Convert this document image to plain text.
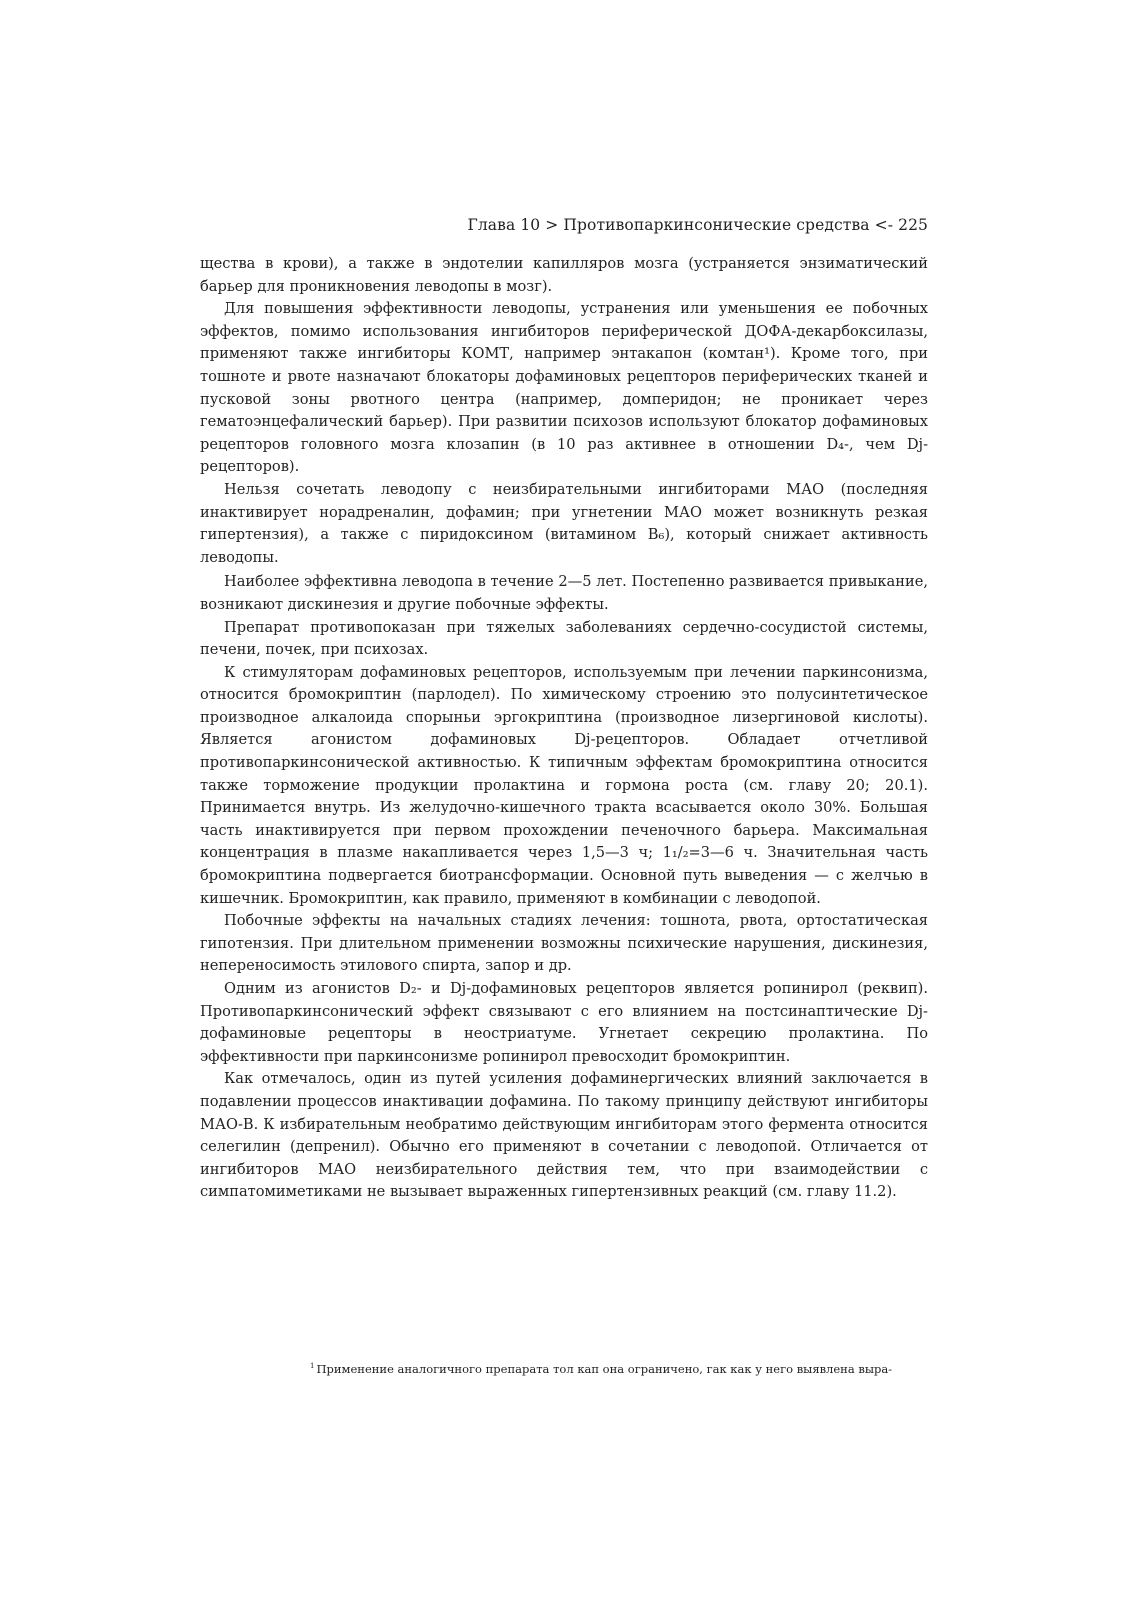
Глава 10 > Противопаркинсонические средства <- 225

щества в крови), а также в эндотелии капилляров мозга (устраняется энзиматический барьер для проникновения леводопы в мозг).

Для повышения эффективности леводопы, устранения или уменьшения ее побочных эффектов, помимо использования ингибиторов периферической ДОФА-декарбоксилазы, применяют также ингибиторы КОМТ, например энтакапон (комтан¹). Кроме того, при тошноте и рвоте назначают блокаторы дофаминовых рецепторов периферических тканей и пусковой зоны рвотного центра (например, домперидон; не проникает через гематоэнцефалический барьер). При развитии психозов используют блокатор дофаминовых рецепторов головного мозга клозапин (в 10 раз активнее в отношении D₄-, чем Dj-рецепторов).

Нельзя сочетать леводопу с неизбирательными ингибиторами МАО (последняя инактивирует норадреналин, дофамин; при угнетении МАО может возникнуть резкая гипертензия), а также с пиридоксином (витамином B₆), который снижает активность леводопы.

Наиболее эффективна леводопа в течение 2—5 лет. Постепенно развивается привыкание, возникают дискинезия и другие побочные эффекты.

Препарат противопоказан при тяжелых заболеваниях сердечно-сосудистой системы, печени, почек, при психозах.

К стимуляторам дофаминовых рецепторов, используемым при лечении паркинсонизма, относится бромокриптин (парлодел). По химическому строению это полусинтетическое производное алкалоида спорыньи эргокриптина (производное лизергиновой кислоты). Является агонистом дофаминовых Dj-рецепторов. Обладает отчетливой противопаркинсонической активностью. К типичным эффектам бромокриптина относится также торможение продукции пролактина и гормона роста (см. главу 20; 20.1). Принимается внутрь. Из желудочно-кишечного тракта всасывается около 30%. Большая часть инактивируется при первом прохождении печеночного барьера. Максимальная концентрация в плазме накапливается через 1,5—3 ч; 1₁/₂=3—6 ч. Значительная часть бромокриптина подвергается биотрансформации. Основной путь выведения — с желчью в кишечник. Бромокриптин, как правило, применяют в комбинации с леводопой.

Побочные эффекты на начальных стадиях лечения: тошнота, рвота, ортостатическая гипотензия. При длительном применении возможны психические нарушения, дискинезия, непереносимость этилового спирта, запор и др.

Одним из агонистов D₂- и Dj-дофаминовых рецепторов является ропинирол (реквип). Противопаркинсонический эффект связывают с его влиянием на постсинаптические Dj-дофаминовые рецепторы в неостриатуме. Угнетает секрецию пролактина. По эффективности при паркинсонизме ропинирол превосходит бромокриптин.

Как отмечалось, один из путей усиления дофаминергических влияний заключается в подавлении процессов инактивации дофамина. По такому принципу действуют ингибиторы МАО-В. К избирательным необратимо действующим ингибиторам этого фермента относится селегилин (депренил). Обычно его применяют в сочетании с леводопой. Отличается от ингибиторов МАО неизбирательного действия тем, что при взаимодействии с симпатомиметиками не вызывает выраженных гипертензивных реакций (см. главу 11.2).

$^1$ Применение аналогичного препарата тол кап она ограничено, гак как у него выявлена выра-
